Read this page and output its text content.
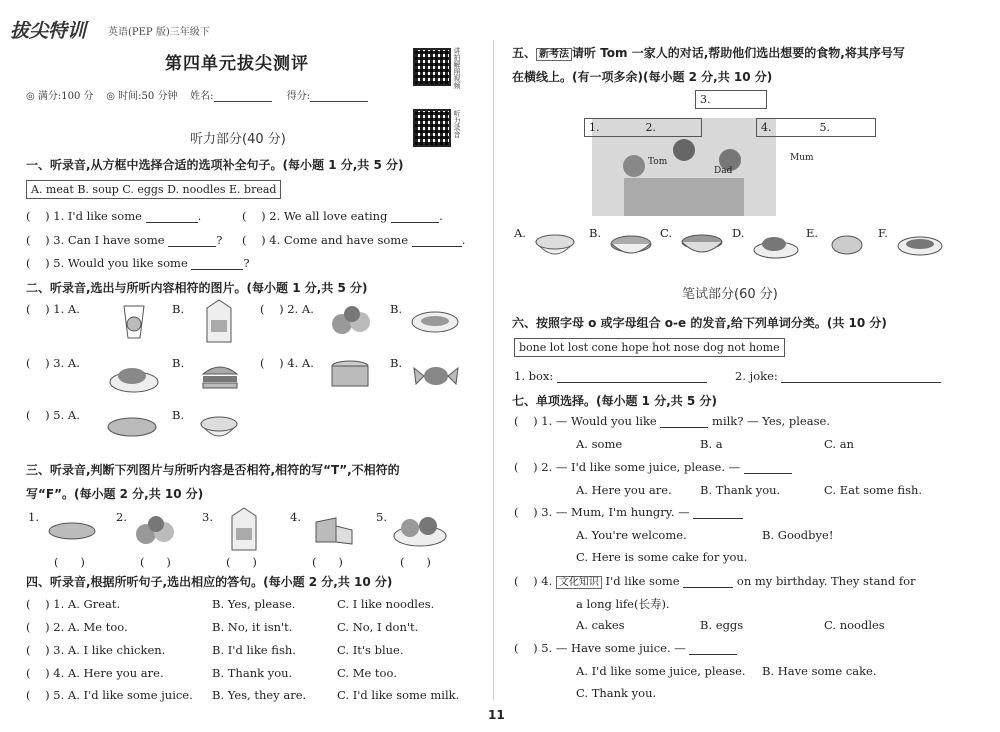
拔尖特训 英语(PEP 版)三年级下
第四单元拔尖测评
◎ 满分:100 分 ◎ 时间:50 分钟 姓名:	得分:
讲拍解照视频
听力录音
听力部分(40 分)
一、听录音,从方框中选择合适的选项补全句子。(每小题 1 分,共 5 分)
A. meat B. soup C. eggs D. noodles E. bread
(    ) 1. I'd like some	.	(    ) 2. We all love eating	.
(    ) 3. Can I have some	? (    ) 4. Come and have some	.
(    ) 5. Would you like some	?
二、听录音,选出与所听内容相符的图片。(每小题 1 分,共 5 分)
(    ) 1. A.	B.	(    ) 2. A.	B.
(    ) 3. A.	B.	(    ) 4. A.	B.
(    ) 5. A.	B.
三、听录音,判断下列图片与所听内容是否相符,相符的写“T”,不相符的
写“F”。(每小题 2 分,共 10 分)
1.	2.	3.	4.	5.
(      )	(      )	(      )	(      )	(      )
四、听录音,根据所听句子,选出相应的答句。(每小题 2 分,共 10 分)
(    ) 1. A. Great.	B. Yes, please.	C. I like noodles.
(    ) 2. A. Me too.	B. No, it isn't.	C. No, I don't.
(    ) 3. A. I like chicken.	B. I'd like fish.	C. It's blue.
(    ) 4. A. Here you are.	B. Thank you.	C. Me too.
(    ) 5. A. I'd like some juice. B. Yes, they are.	C. I'd like some milk.
五、 新考法 请听 Tom 一家人的对话,帮助他们选出想要的食物,将其序号写
在横线上。(有一项多余)(每小题 2 分,共 10 分)
3.
1.	2.	4.	5.
Tom
Dad
Mum
A.	B.	C.	D.	E.	F.
笔试部分(60 分)
六、按照字母 o 或字母组合 o-e 的发音,给下列单词分类。(共 10 分)
bone lot lost cone hope hot nose dog not home
1. box:	2. joke:
七、单项选择。(每小题 1 分,共 5 分)
(    ) 1. — Would you like	milk? — Yes, please.
A. some	B. a	C. an
(    ) 2. — I'd like some juice, please. —
A. Here you are. B. Thank you.	C. Eat some fish.
(    ) 3. — Mum, I'm hungry. —
A. You're welcome.	B. Goodbye!
C. Here is some cake for you.
(    ) 4. 文化知识 I'd like some	on my birthday. They stand for
a long life(长寿).
A. cakes	B. eggs	C. noodles
(    ) 5. — Have some juice. —
A. I'd like some juice, please. B. Have some cake.
C. Thank you.
11
